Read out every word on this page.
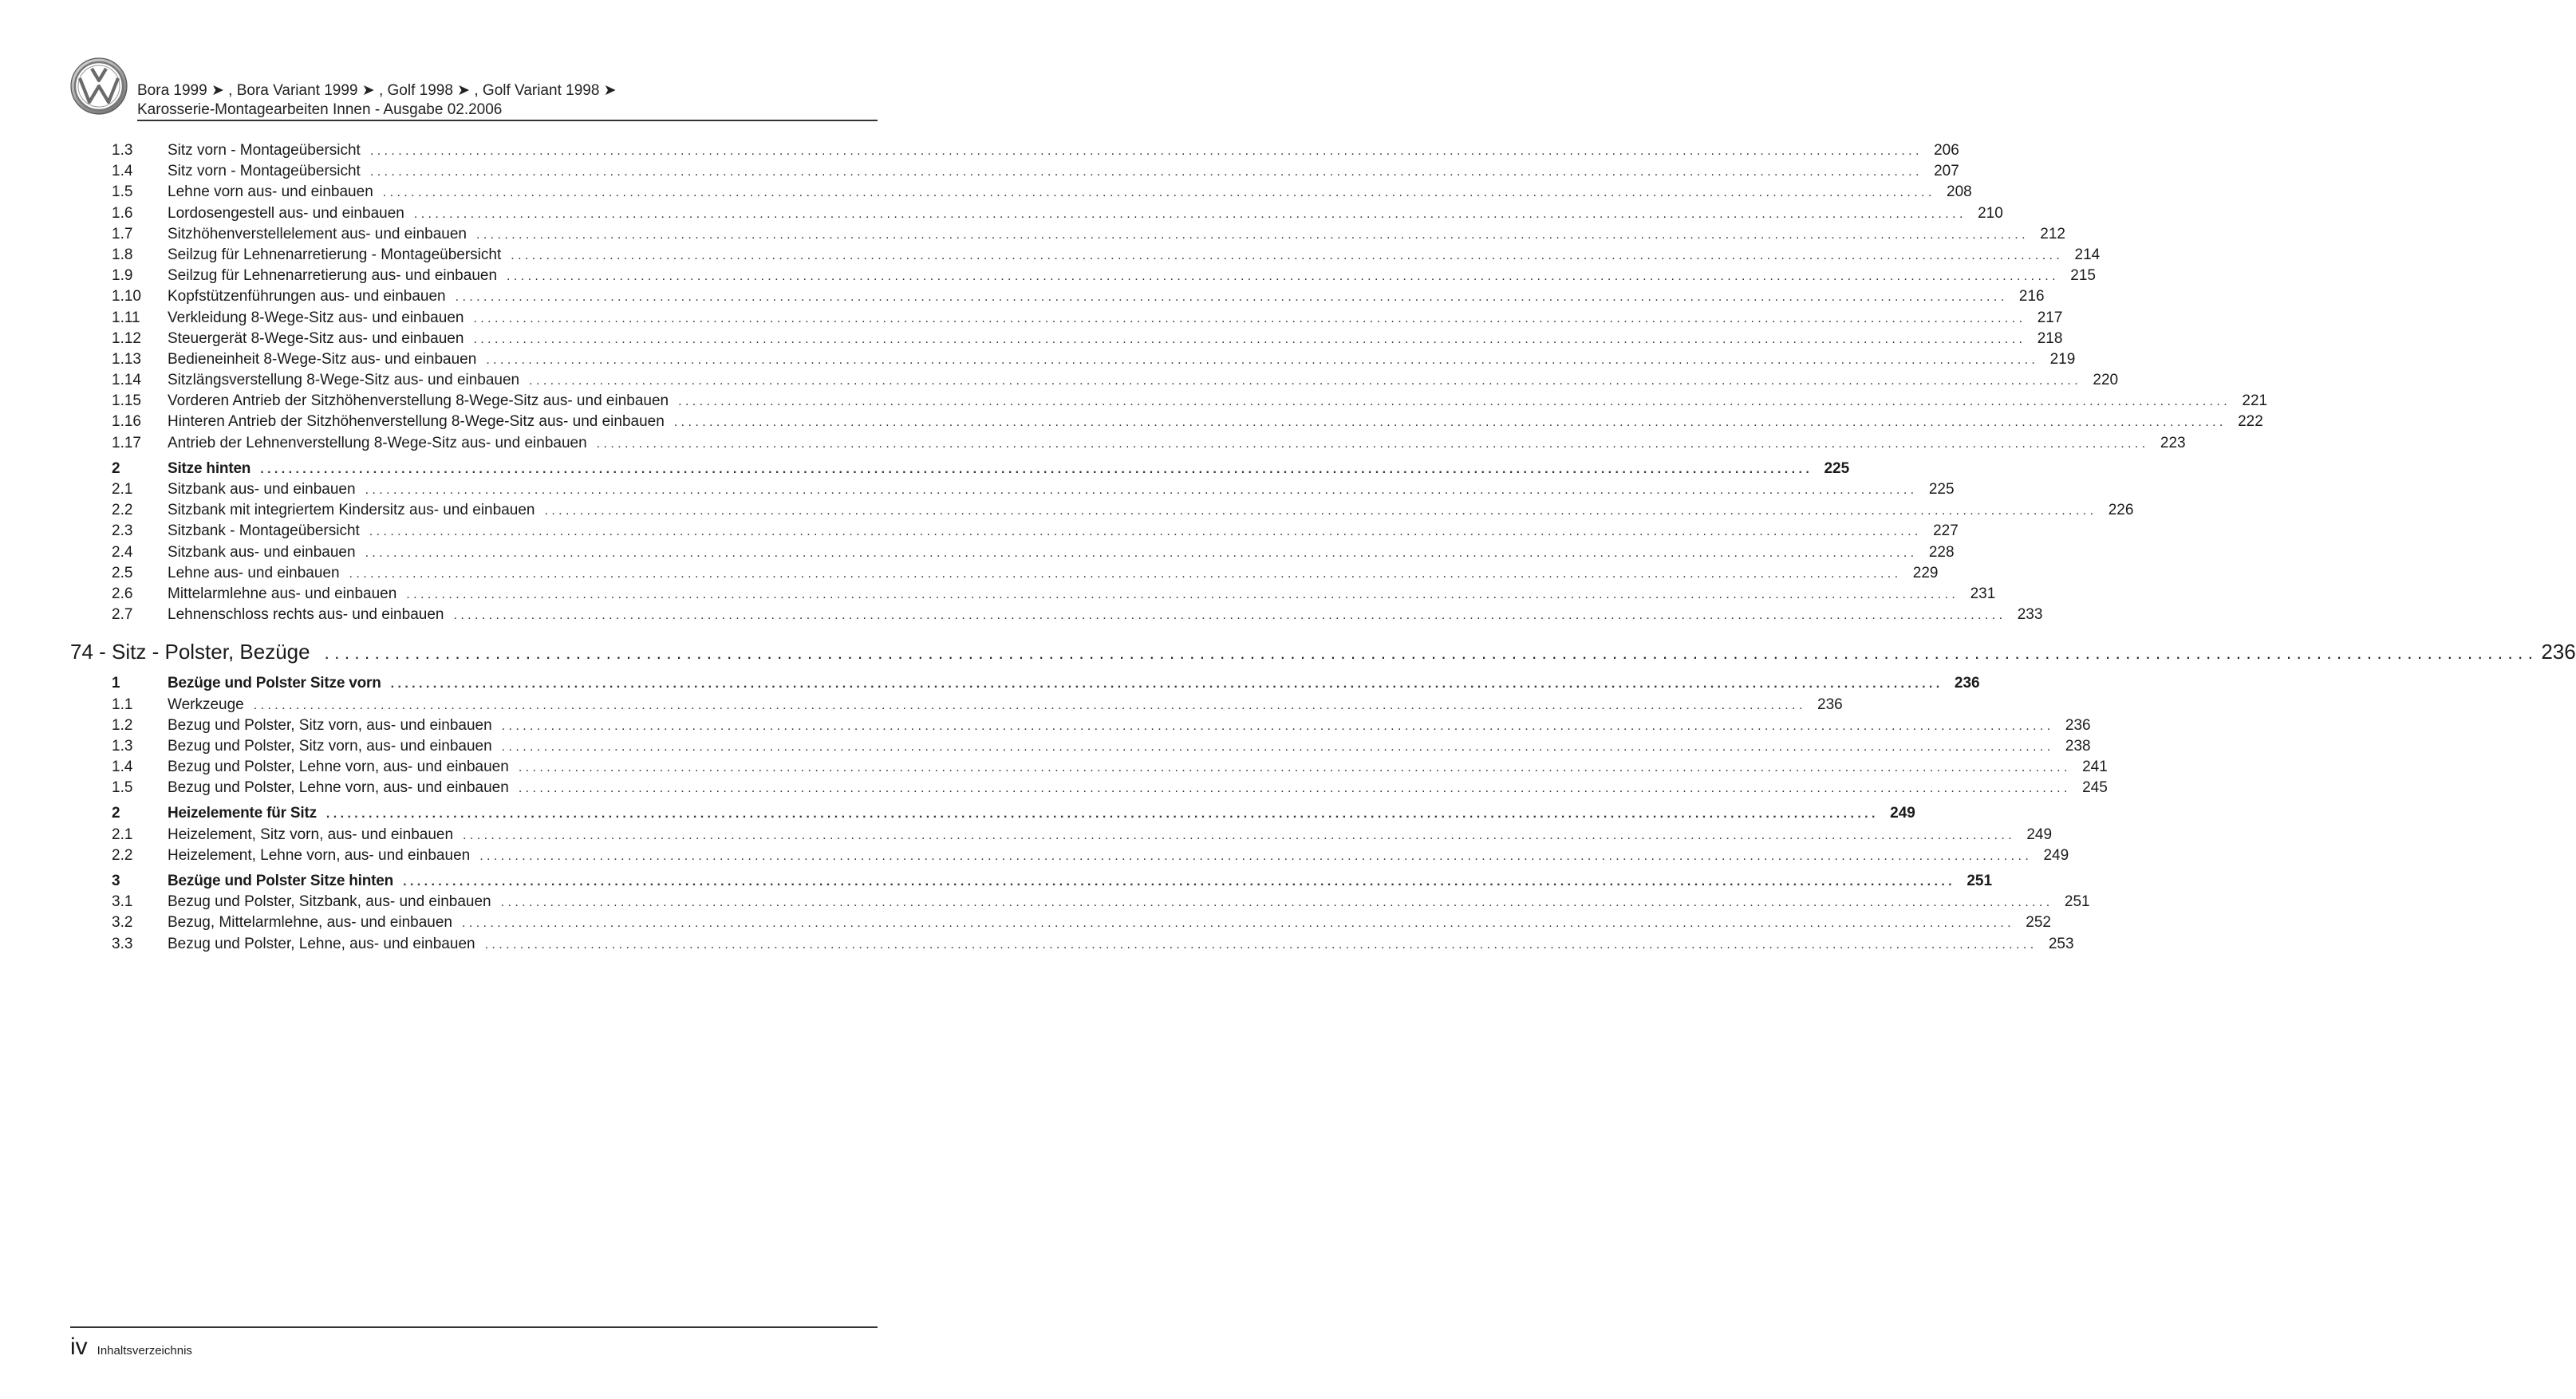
Bora 1999 ➤ , Bora Variant 1999 ➤ , Golf 1998 ➤ , Golf Variant 1998 ➤
Karosserie-Montagearbeiten Innen - Ausgabe 02.2006
1.3	Sitz vorn - Montageübersicht ............................................................................................................................................................................................................................ 206
1.4	Sitz vorn - Montageübersicht ............................................................................................................................................................................................................................ 207
1.5	Lehne vorn aus- und einbauen ............................................................................................................................................................................................................................ 208
1.6	Lordosengestell aus- und einbauen ............................................................................................................................................................................................................................ 210
1.7	Sitzhöhenverstellelement aus- und einbauen ............................................................................................................................................................................................................................ 212
1.8	Seilzug für Lehnenarretierung - Montageübersicht ............................................................................................................................................................................................................................ 214
1.9	Seilzug für Lehnenarretierung aus- und einbauen ............................................................................................................................................................................................................................ 215
1.10	Kopfstützenführungen aus- und einbauen ............................................................................................................................................................................................................................ 216
1.11	Verkleidung 8-Wege-Sitz aus- und einbauen ............................................................................................................................................................................................................................ 217
1.12	Steuergerät 8-Wege-Sitz aus- und einbauen ............................................................................................................................................................................................................................ 218
1.13	Bedieneinheit 8-Wege-Sitz aus- und einbauen ............................................................................................................................................................................................................................ 219
1.14	Sitzlängsverstellung 8-Wege-Sitz aus- und einbauen ............................................................................................................................................................................................................................ 220
1.15	Vorderen Antrieb der Sitzhöhenverstellung 8-Wege-Sitz aus- und einbauen ............................................................................................................................................................................................................................ 221
1.16	Hinteren Antrieb der Sitzhöhenverstellung 8-Wege-Sitz aus- und einbauen ............................................................................................................................................................................................................................ 222
1.17	Antrieb der Lehnenverstellung 8-Wege-Sitz aus- und einbauen ............................................................................................................................................................................................................................ 223
2	Sitze hinten ............................................................................................................................................................................................................................ 225
2.1	Sitzbank aus- und einbauen ............................................................................................................................................................................................................................ 225
2.2	Sitzbank mit integriertem Kindersitz aus- und einbauen ............................................................................................................................................................................................................................ 226
2.3	Sitzbank - Montageübersicht ............................................................................................................................................................................................................................ 227
2.4	Sitzbank aus- und einbauen ............................................................................................................................................................................................................................ 228
2.5	Lehne aus- und einbauen ............................................................................................................................................................................................................................ 229
2.6	Mittelarmlehne aus- und einbauen ............................................................................................................................................................................................................................ 231
2.7	Lehnenschloss rechts aus- und einbauen ............................................................................................................................................................................................................................ 233
74 - Sitz - Polster, Bezüge ............................................................................................................................................................................................................................ 236
1	Bezüge und Polster Sitze vorn ............................................................................................................................................................................................................................ 236
1.1	Werkzeuge ............................................................................................................................................................................................................................ 236
1.2	Bezug und Polster, Sitz vorn, aus- und einbauen ............................................................................................................................................................................................................................ 236
1.3	Bezug und Polster, Sitz vorn, aus- und einbauen ............................................................................................................................................................................................................................ 238
1.4	Bezug und Polster, Lehne vorn, aus- und einbauen ............................................................................................................................................................................................................................ 241
1.5	Bezug und Polster, Lehne vorn, aus- und einbauen ............................................................................................................................................................................................................................ 245
2	Heizelemente für Sitz ............................................................................................................................................................................................................................ 249
2.1	Heizelement, Sitz vorn, aus- und einbauen ............................................................................................................................................................................................................................ 249
2.2	Heizelement, Lehne vorn, aus- und einbauen ............................................................................................................................................................................................................................ 249
3	Bezüge und Polster Sitze hinten ............................................................................................................................................................................................................................ 251
3.1	Bezug und Polster, Sitzbank, aus- und einbauen ............................................................................................................................................................................................................................ 251
3.2	Bezug, Mittelarmlehne, aus- und einbauen ............................................................................................................................................................................................................................ 252
3.3	Bezug und Polster, Lehne, aus- und einbauen ............................................................................................................................................................................................................................ 253
iv Inhaltsverzeichnis
